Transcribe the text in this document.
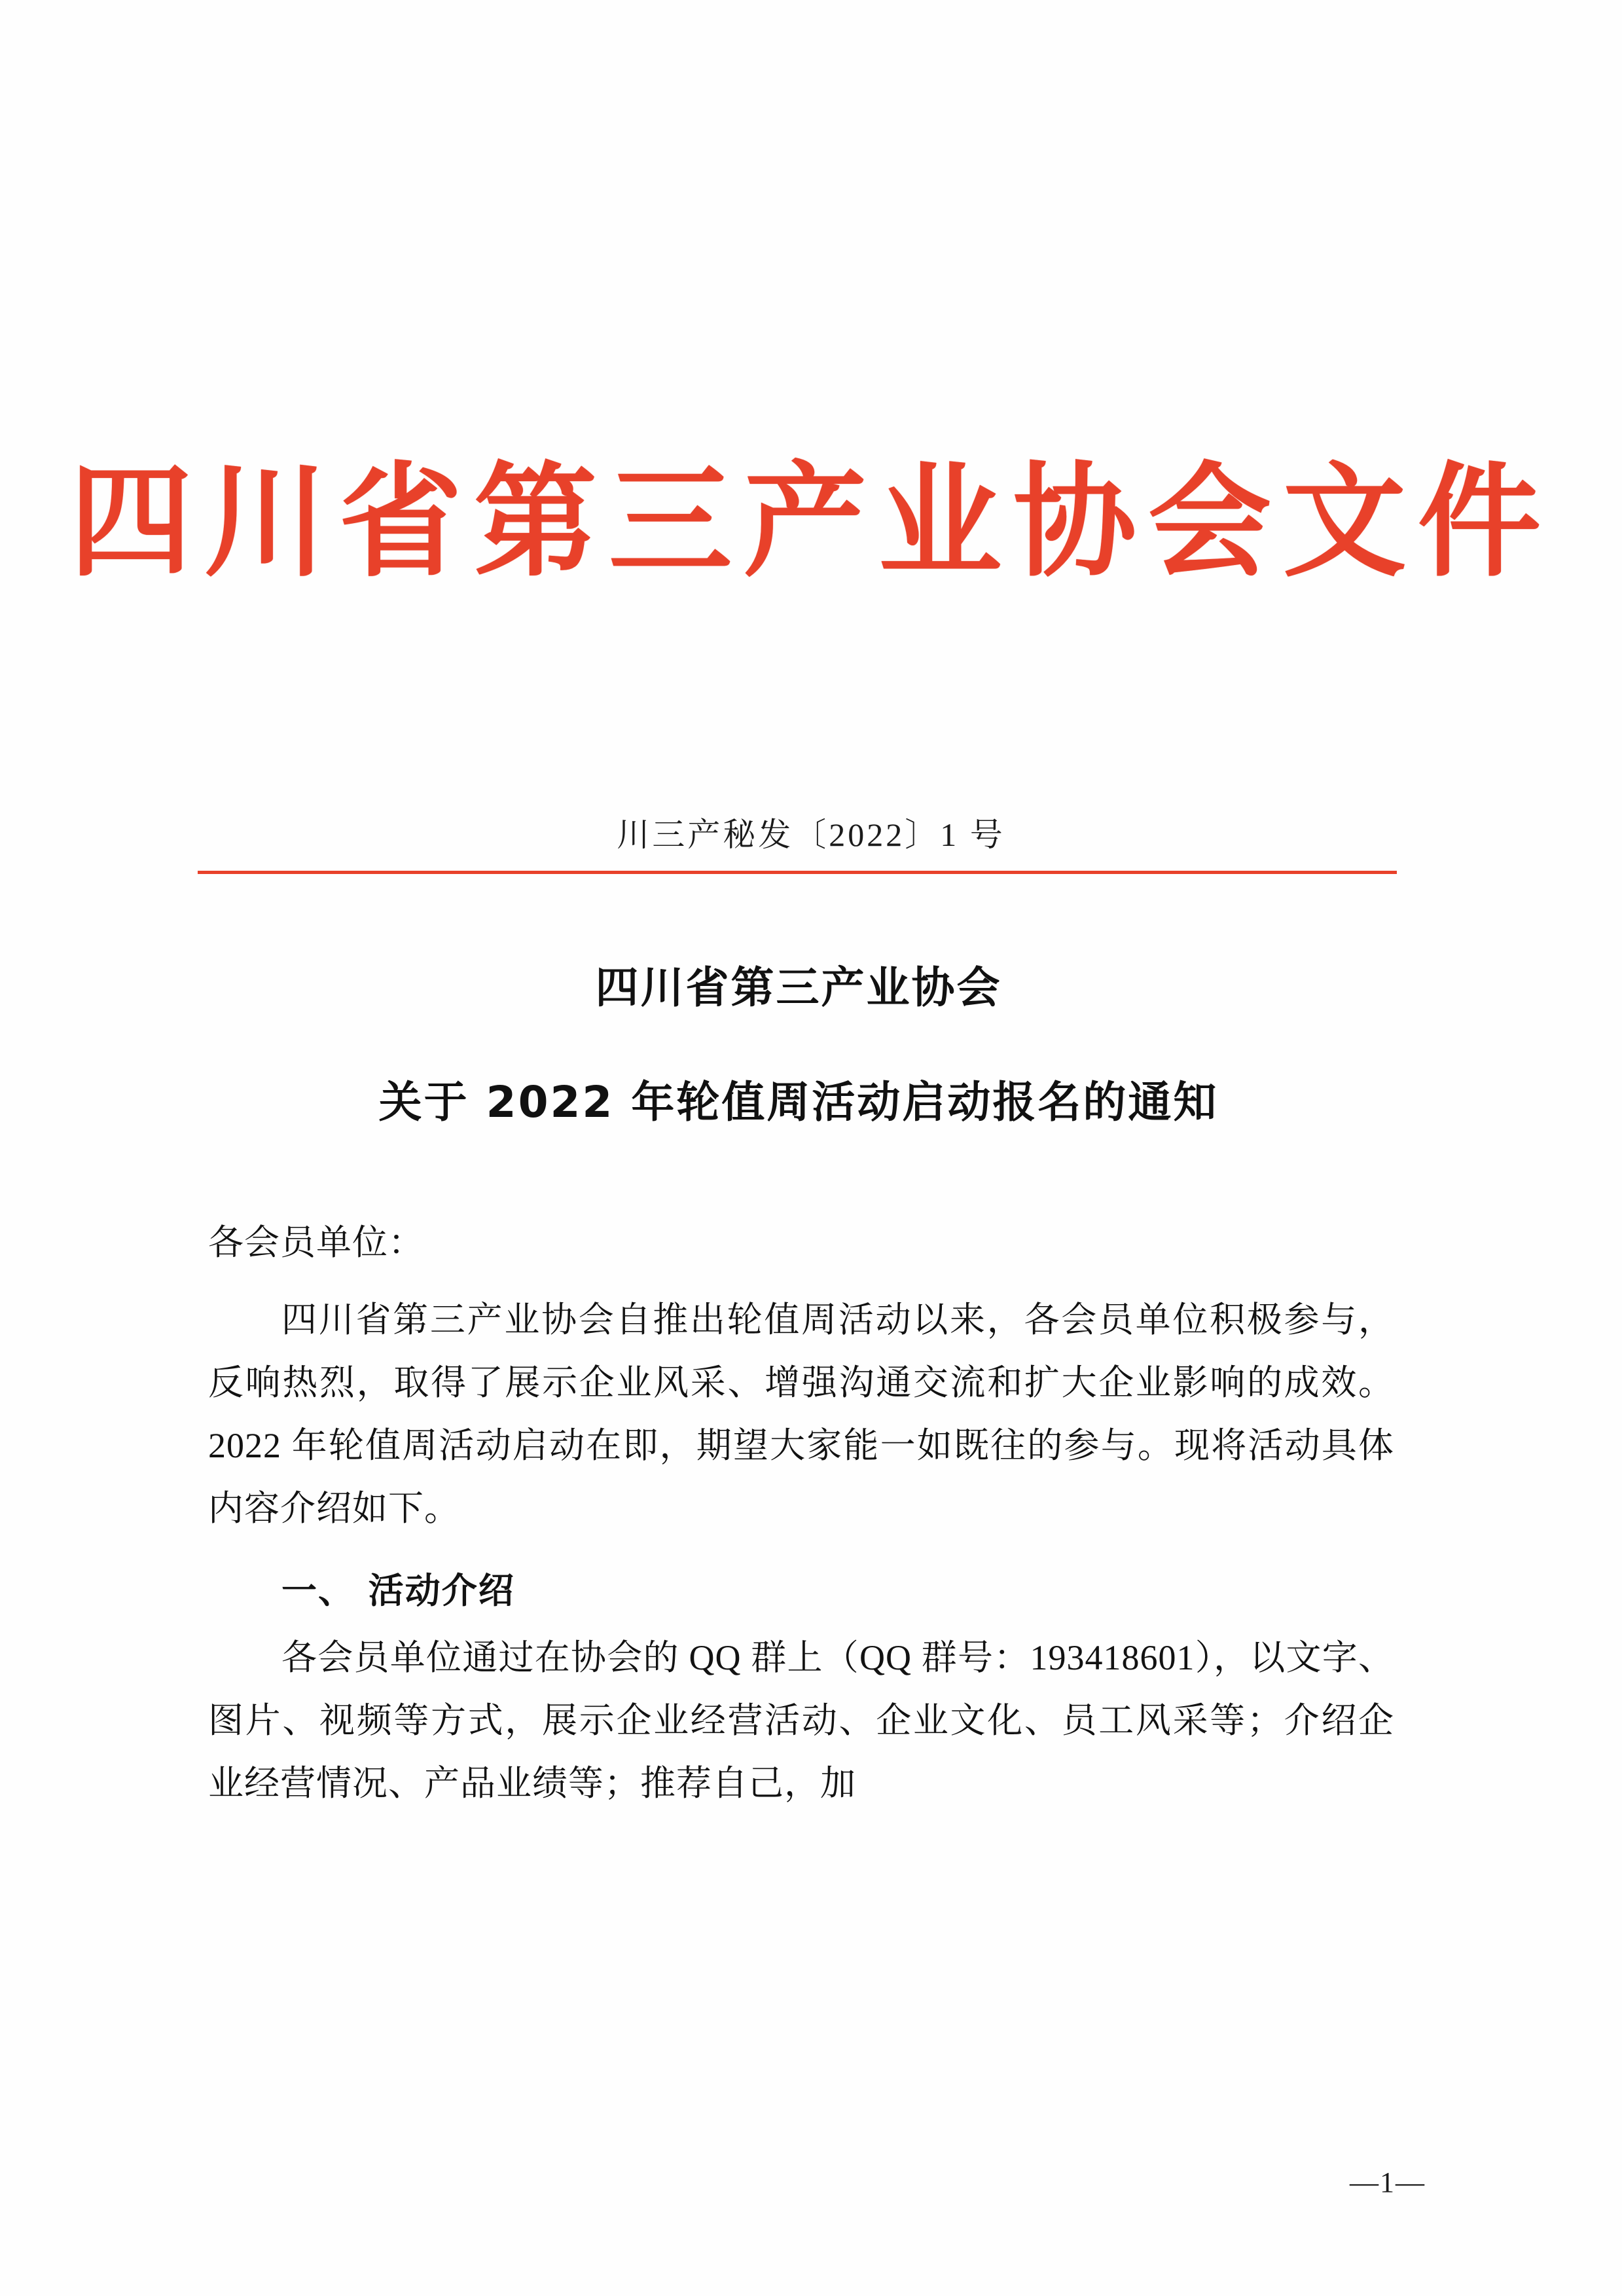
四川省第三产业协会文件
川三产秘发〔2022〕1 号
四川省第三产业协会
关于 2022 年轮值周活动启动报名的通知

各会员单位：

四川省第三产业协会自推出轮值周活动以来，各会员单位积极参与，反响热烈，取得了展示企业风采、增强沟通交流和扩大企业影响的成效。2022 年轮值周活动启动在即，期望大家能一如既往的参与。现将活动具体内容介绍如下。

一、 活动介绍

各会员单位通过在协会的 QQ 群上（QQ 群号：193418601），以文字、图片、视频等方式，展示企业经营活动、企业文化、员工风采等；介绍企业经营情况、产品业绩等；推荐自己，加

—1—
